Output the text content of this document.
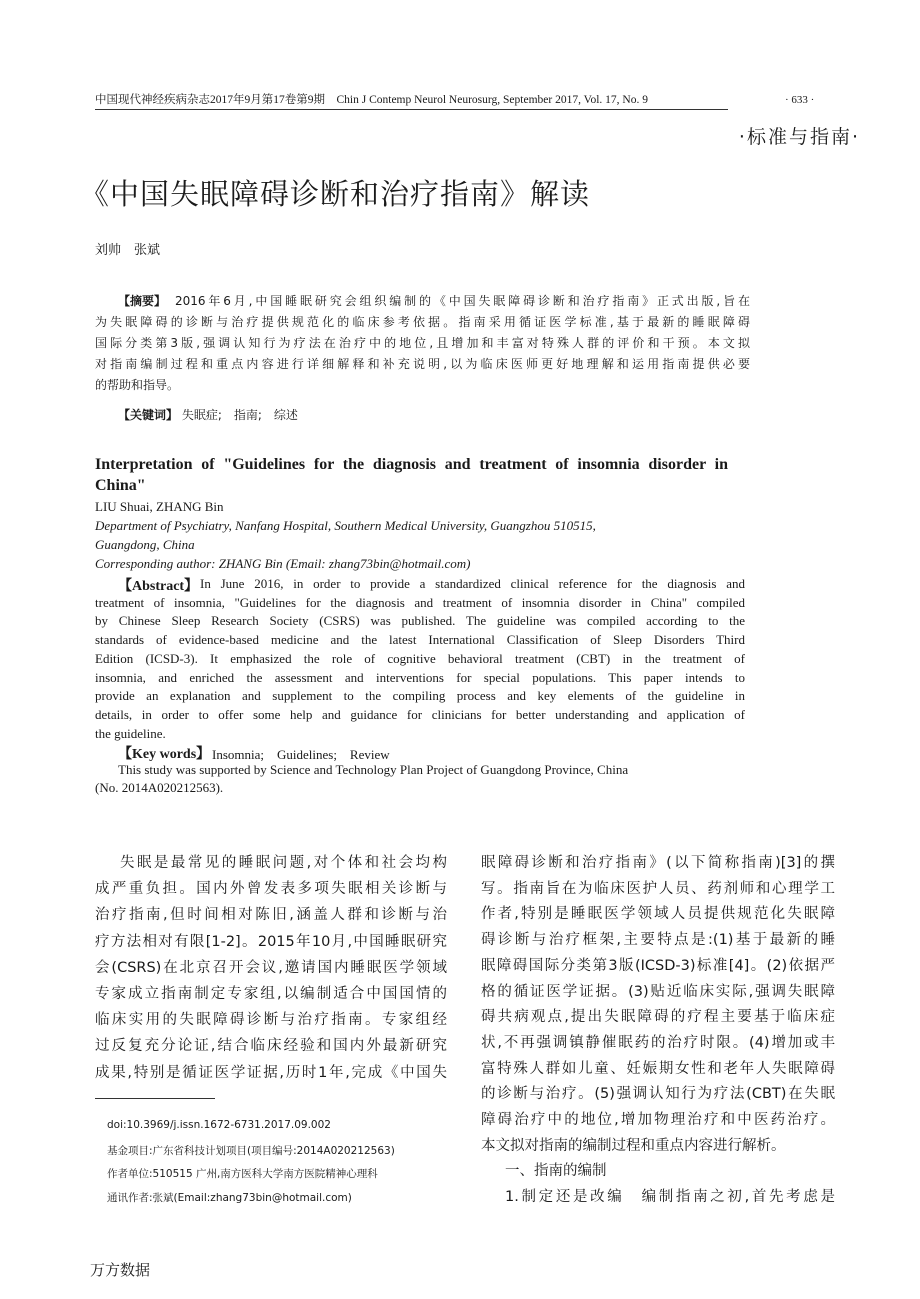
中国现代神经疾病杂志2017年9月第17卷第9期　Chin J Contemp Neurol Neurosurg, September 2017, Vol. 17, No. 9	· 633 ·
·标准与指南·
《中国失眠障碍诊断和治疗指南》解读
刘帅　张斌
【摘要】 2016年6月,中国睡眠研究会组织编制的《中国失眠障碍诊断和治疗指南》正式出版,旨在
为失眠障碍的诊断与治疗提供规范化的临床参考依据。指南采用循证医学标准,基于最新的睡眠障碍
国际分类第3版,强调认知行为疗法在治疗中的地位,且增加和丰富对特殊人群的评价和干预。本文拟
对指南编制过程和重点内容进行详细解释和补充说明,以为临床医师更好地理解和运用指南提供必要
的帮助和指导。
【关键词】 失眠症;　指南;　综述
Interpretation of "Guidelines for the diagnosis and treatment of insomnia disorder in
China"
LIU Shuai, ZHANG Bin
Department of Psychiatry, Nanfang Hospital, Southern Medical University, Guangzhou 510515,
Guangdong, China
Corresponding author: ZHANG Bin (Email: zhang73bin@hotmail.com)
【Abstract】 In June 2016, in order to provide a standardized clinical reference for the diagnosis and
treatment of insomnia, "Guidelines for the diagnosis and treatment of insomnia disorder in China" compiled
by Chinese Sleep Research Society (CSRS) was published. The guideline was compiled according to the
standards of evidence-based medicine and the latest International Classification of Sleep Disorders Third
Edition (ICSD-3). It emphasized the role of cognitive behavioral treatment (CBT) in the treatment of
insomnia, and enriched the assessment and interventions for special populations. This paper intends to
provide an explanation and supplement to the compiling process and key elements of the guideline in
details, in order to offer some help and guidance for clinicians for better understanding and application of
the guideline.
【Key words】 Insomnia;　Guidelines;　Review
This study was supported by Science and Technology Plan Project of Guangdong Province, China
(No. 2014A020212563).
失眠是最常见的睡眠问题,对个体和社会均构
成严重负担。国内外曾发表多项失眠相关诊断与
治疗指南,但时间相对陈旧,涵盖人群和诊断与治
疗方法相对有限[1-2]。2015年10月,中国睡眠研究
会(CSRS)在北京召开会议,邀请国内睡眠医学领域
专家成立指南制定专家组,以编制适合中国国情的
临床实用的失眠障碍诊断与治疗指南。专家组经
过反复充分论证,结合临床经验和国内外最新研究
成果,特别是循证医学证据,历时1年,完成《中国失
眠障碍诊断和治疗指南》(以下简称指南)[3]的撰
写。指南旨在为临床医护人员、药剂师和心理学工
作者,特别是睡眠医学领域人员提供规范化失眠障
碍诊断与治疗框架,主要特点是:(1)基于最新的睡
眠障碍国际分类第3版(ICSD-3)标准[4]。(2)依据严
格的循证医学证据。(3)贴近临床实际,强调失眠障
碍共病观点,提出失眠障碍的疗程主要基于临床症
状,不再强调镇静催眠药的治疗时限。(4)增加或丰
富特殊人群如儿童、妊娠期女性和老年人失眠障碍
的诊断与治疗。(5)强调认知行为疗法(CBT)在失眠
障碍治疗中的地位,增加物理治疗和中医药治疗。
本文拟对指南的编制过程和重点内容进行解析。
一、指南的编制
1.制定还是改编　编制指南之初,首先考虑是
doi:10.3969/j.issn.1672-6731.2017.09.002
基金项目:广东省科技计划项目(项目编号:2014A020212563)
作者单位:510515 广州,南方医科大学南方医院精神心理科
通讯作者:张斌(Email:zhang73bin@hotmail.com)
万方数据
